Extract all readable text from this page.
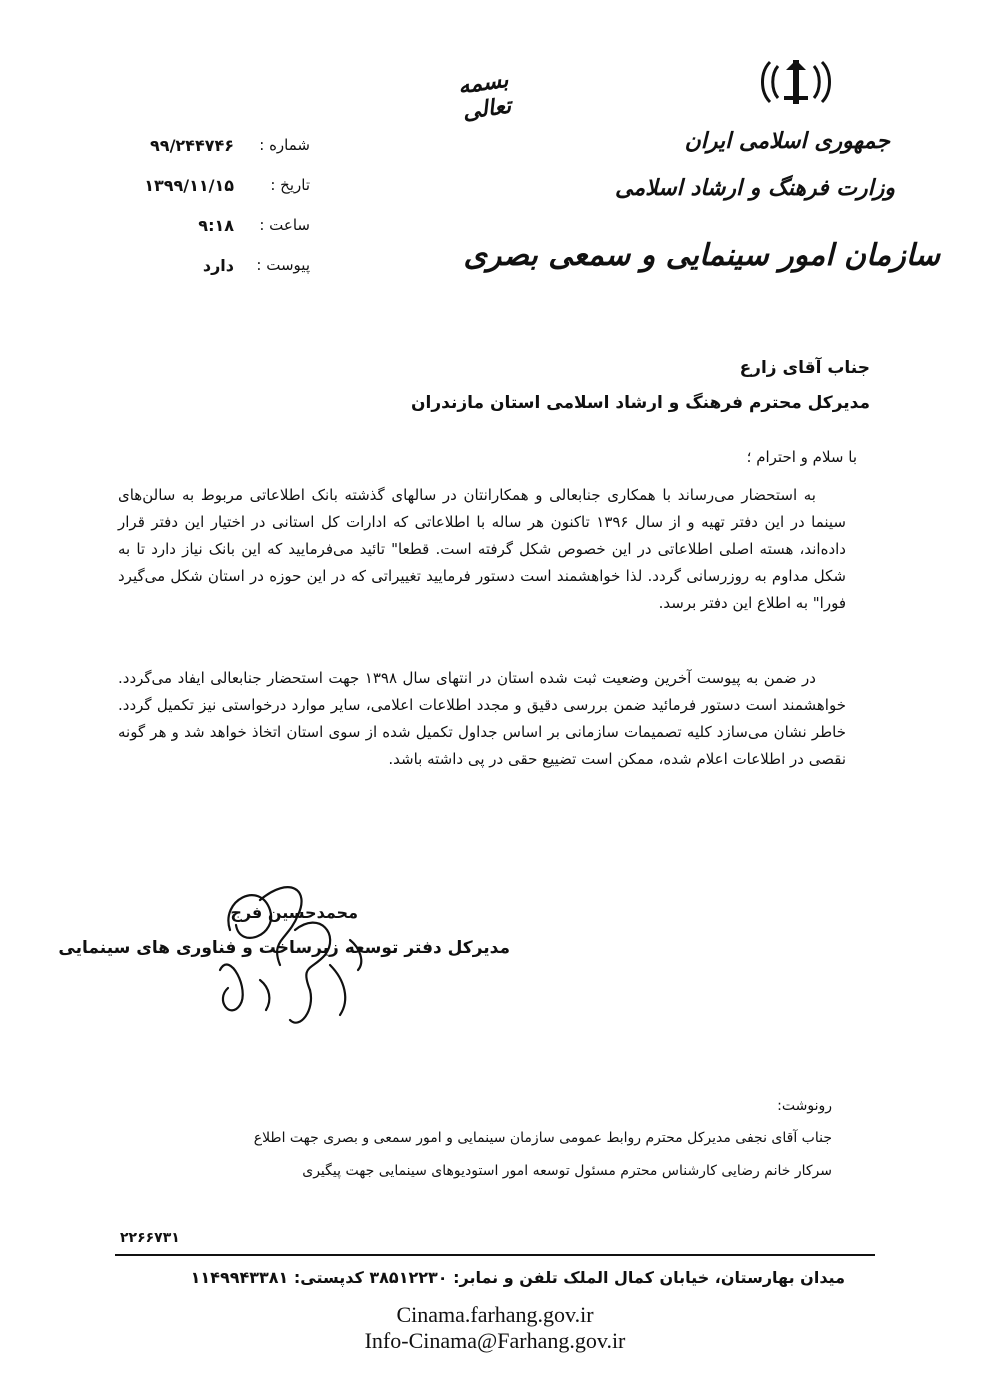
بسمه تعالی
جمهوری اسلامی ایران
وزارت فرهنگ و ارشاد اسلامی
سازمان امور سینمایی و سمعی بصری
شماره :
۹۹/۲۴۴۷۴۶
تاریخ :
۱۳۹۹/۱۱/۱۵
ساعت :
۹:۱۸
پیوست :
دارد
جناب آقای زارع
مدیرکل محترم فرهنگ و ارشاد اسلامی استان مازندران
با سلام و احترام ؛
به استحضار می‌رساند با همکاری جنابعالی و همکارانتان در سالهای گذشته بانک اطلاعاتی مربوط به سالن‌های سینما در این دفتر تهیه و از سال ۱۳۹۶ تاکنون هر ساله با اطلاعاتی که ادارات کل استانی در اختیار این دفتر قرار داده‌اند، هسته اصلی اطلاعاتی در این خصوص شکل گرفته است. قطعا" تائید می‌فرمایید که این بانک نیاز دارد تا به شکل مداوم به روزرسانی گردد. لذا خواهشمند است دستور فرمایید تغییراتی که در این حوزه در استان شکل می‌گیرد فورا" به اطلاع این دفتر برسد.
در ضمن به پیوست آخرین وضعیت ثبت شده استان در انتهای سال ۱۳۹۸ جهت استحضار جنابعالی ایفاد می‌گردد. خواهشمند است دستور فرمائید ضمن بررسی دقیق و مجدد اطلاعات اعلامی، سایر موارد درخواستی نیز تکمیل گردد. خاطر نشان می‌سازد کلیه تصمیمات سازمانی بر اساس جداول تکمیل شده از سوی استان اتخاذ خواهد شد و هر گونه نقصی در اطلاعات اعلام شده، ممکن است تضییع حقی در پی داشته باشد.
محمدحسین فرج
مدیرکل دفتر توسعه زیرساخت و فناوری های سینمایی
رونوشت:
جناب آقای نجفی مدیرکل محترم روابط عمومی سازمان سینمایی و امور سمعی و بصری جهت اطلاع
سرکار خانم رضایی کارشناس محترم مسئول توسعه امور استودیوهای سینمایی جهت پیگیری
۲۲۶۶۷۳۱
میدان بهارستان، خیابان کمال الملک تلفن و نمابر: ۳۸۵۱۲۲۳۰ کدپستی: ۱۱۴۹۹۴۳۳۸۱
Cinama.farhang.gov.ir
Info-Cinama@Farhang.gov.ir
